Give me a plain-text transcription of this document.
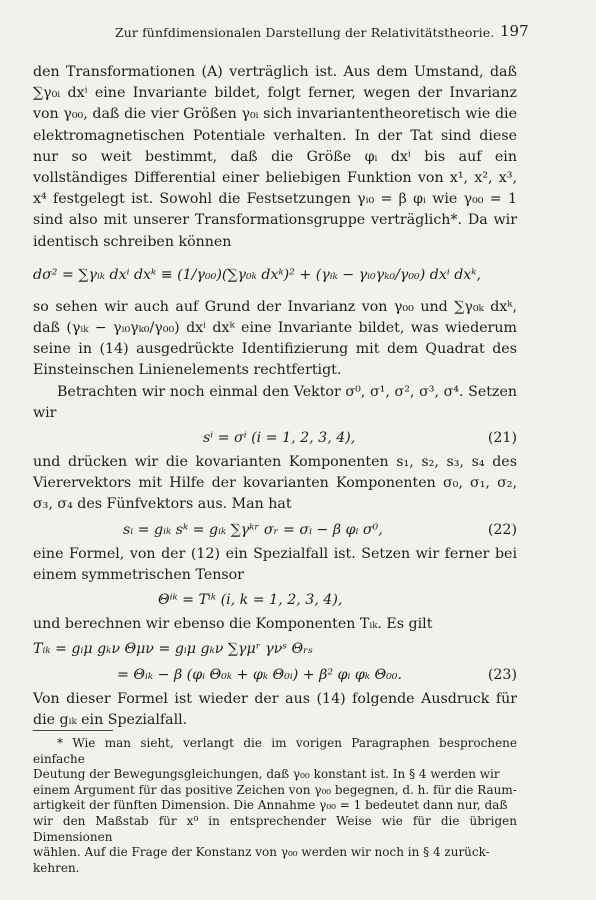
Zur fünfdimensionalen Darstellung der Relativitätstheorie. 197

den Transformationen (A) verträglich ist. Aus dem Umstand, daß ∑γ₀ᵢ dxⁱ eine Invariante bildet, folgt ferner, wegen der Invarianz von γ₀₀, daß die vier Größen γ₀ᵢ sich invariantentheoretisch wie die elektromagnetischen Potentiale verhalten. In der Tat sind diese nur so weit bestimmt, daß die Größe φᵢ dxⁱ bis auf ein vollständiges Differential einer beliebigen Funktion von x¹, x², x³, x⁴ festgelegt ist. Sowohl die Festsetzungen γᵢ₀ = β φᵢ wie γ₀₀ = 1 sind also mit unserer Transformationsgruppe verträglich*. Da wir identisch schreiben können

dσ² = ∑γᵢₖ dxⁱ dxᵏ ≡ (1/γ₀₀)(∑γ₀ₖ dxᵏ)² + (γᵢₖ − γᵢ₀γₖ₀/γ₀₀) dxⁱ dxᵏ,

so sehen wir auch auf Grund der Invarianz von γ₀₀ und ∑γ₀ₖ dxᵏ, daß (γᵢₖ − γᵢ₀γₖ₀/γ₀₀) dxⁱ dxᵏ eine Invariante bildet, was wiederum seine in (14) ausgedrückte Identifizierung mit dem Quadrat des Einsteinschen Linienelements rechtfertigt.

Betrachten wir noch einmal den Vektor σ⁰, σ¹, σ², σ³, σ⁴. Setzen wir

sⁱ = σⁱ (i = 1, 2, 3, 4),	(21)

und drücken wir die kovarianten Komponenten s₁, s₂, s₃, s₄ des Vierervektors mit Hilfe der kovarianten Komponenten σ₀, σ₁, σ₂, σ₃, σ₄ des Fünfvektors aus. Man hat

sᵢ = gᵢₖ sᵏ = gᵢₖ ∑γᵏʳ σᵣ = σᵢ − β φᵢ σ⁰,	(22)

eine Formel, von der (12) ein Spezialfall ist. Setzen wir ferner bei einem symmetrischen Tensor

Θⁱᵏ = Tⁱᵏ (i, k = 1, 2, 3, 4),

und berechnen wir ebenso die Komponenten Tᵢₖ. Es gilt

Tᵢₖ = gᵢμ gₖν Θμν = gᵢμ gₖν ∑γμʳ γνˢ Θᵣₛ
= Θᵢₖ − β (φᵢ Θ₀ₖ + φₖ Θ₀ᵢ) + β² φᵢ φₖ Θ₀₀.	(23)

Von dieser Formel ist wieder der aus (14) folgende Ausdruck für die gᵢₖ ein Spezialfall.

* Wie man sieht, verlangt die im vorigen Paragraphen besprochene einfache
Deutung der Bewegungsgleichungen, daß γ₀₀ konstant ist. In § 4 werden wir
einem Argument für das positive Zeichen von γ₀₀ begegnen, d. h. für die Raum-
artigkeit der fünften Dimension. Die Annahme γ₀₀ = 1 bedeutet dann nur, daß
wir den Maßstab für x⁰ in entsprechender Weise wie für die übrigen Dimensionen
wählen. Auf die Frage der Konstanz von γ₀₀ werden wir noch in § 4 zurück-
kehren.
